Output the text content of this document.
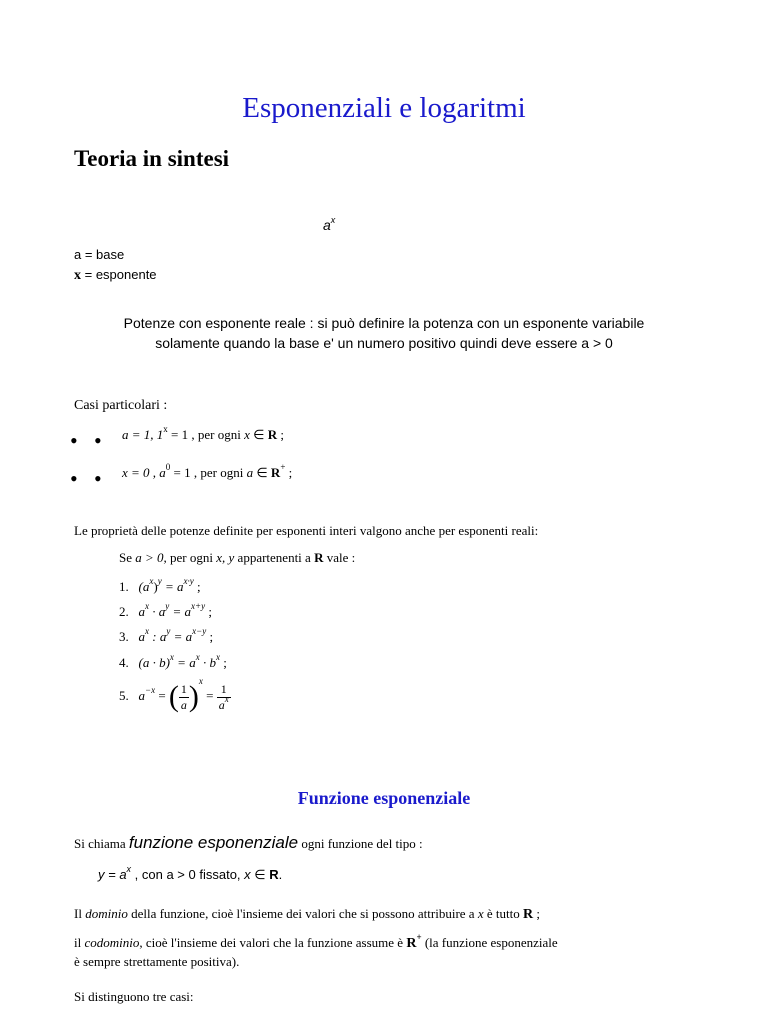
Esponenziali e logaritmi
Teoria in sintesi
$a^x$
a = base
x = esponente
Potenze con esponente reale : si può definire la potenza con un esponente variabile
solamente quando la base e' un numero positivo quindi deve essere a > 0
Casi particolari :
• • a = 1, $1^x = 1$ , per ogni x ∈ R ;
• • x = 0 , $a^0 = 1$ , per ogni a ∈ R+ ;
Le proprietà delle potenze definite per esponenti interi valgono anche per esponenti reali:
Se a > 0, per ogni x, y appartenenti a R vale :
1. $(a^x)^y = a^{x\cdot y}$ ;
2. $a^x \cdot a^y = a^{x+y}$ ;
3. $a^x$ : $a^y = a^{x-y}$ ;
4. $(a \cdot b)^x = a^x \cdot b^x$ ;
5. $a^{-x}$ = ( $\frac{1}{a} )^x = \frac{1}{a^x}$
Funzione esponenziale
Si chiama funzione esponenziale ogni funzione del tipo :
$y = a^x$ , con a > 0 fissato, x ∈ R.
Il dominio della funzione, cioè l'insieme dei valori che si possono attribuire a x è tutto R ;
il codominio, cioè l'insieme dei valori che la funzione assume è R+ (la funzione esponenziale
è sempre strettamente positiva).
Si distinguono tre casi:
